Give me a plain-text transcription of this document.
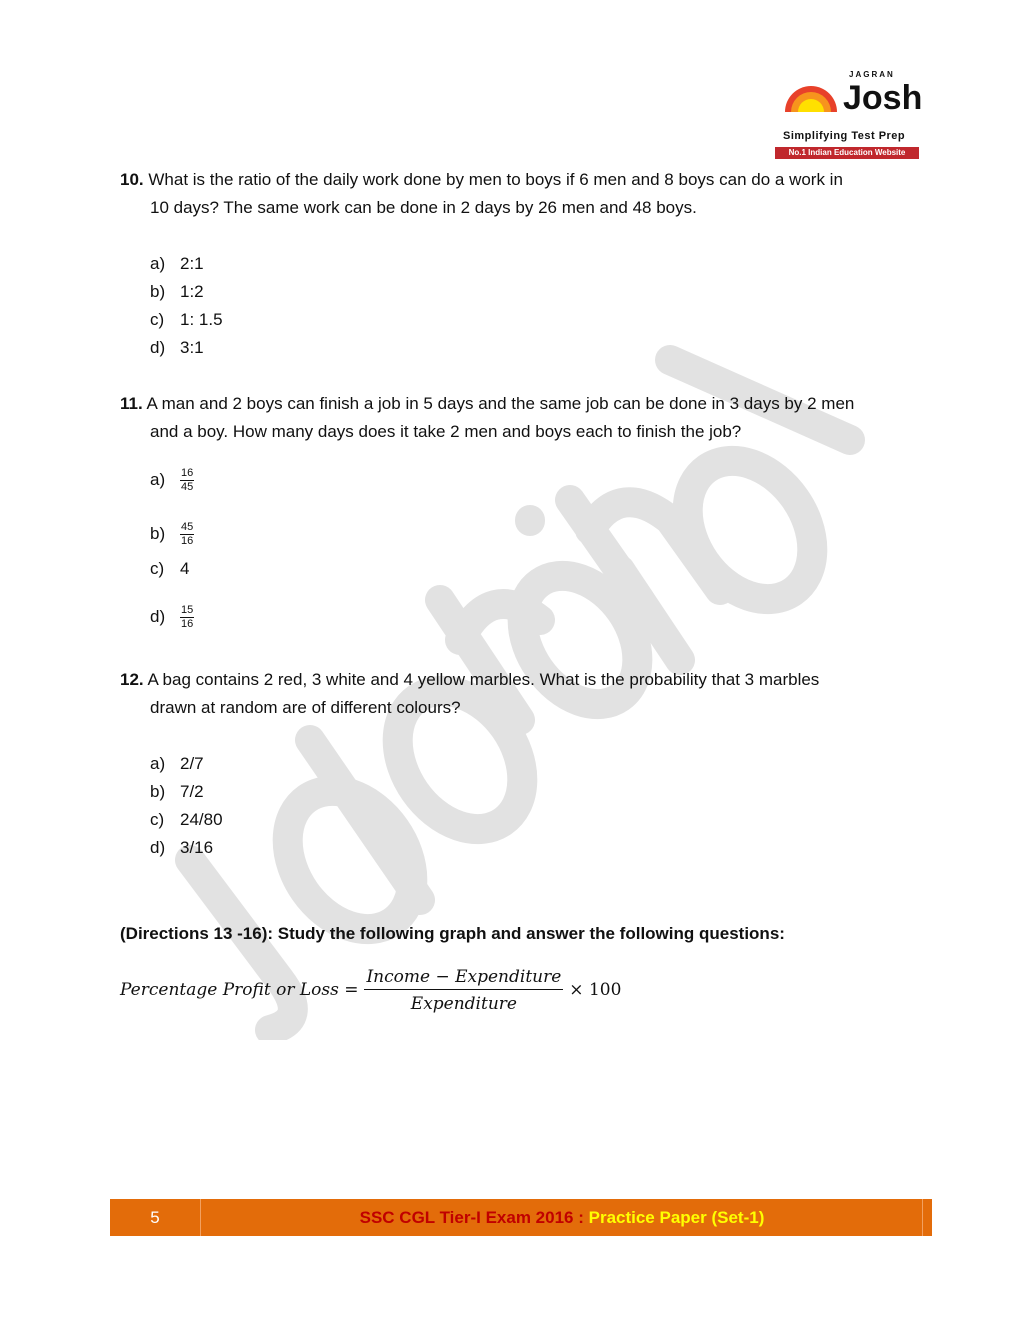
JAGRAN
Josh
Simplifying Test Prep
No.1 Indian Education Website
10. What is the ratio of the daily work done by men to boys if 6 men and 8 boys can do a work in
10 days? The same work can be done in 2 days by 26 men and 48 boys.
a) 2:1
b) 1:2
c) 1: 1.5
d) 3:1
11. A man and 2 boys can finish a job in 5 days and the same job can be done in 3 days by 2 men
and a boy. How many days does it take 2 men and boys each to finish the job?
$a) \frac{16}{45}$
$b) \frac{45}{16}$
c) 4
$d) \frac{15}{16}$
12. A bag contains 2 red, 3 white and 4 yellow marbles. What is the probability that 3 marbles
drawn at random are of different colours?
a) 2/7
b) 7/2
c) 24/80
d) 3/16
(Directions 13 -16): Study the following graph and answer the following questions:
Percentage Profit or Loss =
Income − Expenditure
Expenditure
× 100
5	SSC CGL Tier-I Exam 2016 : Practice Paper (Set-1)
